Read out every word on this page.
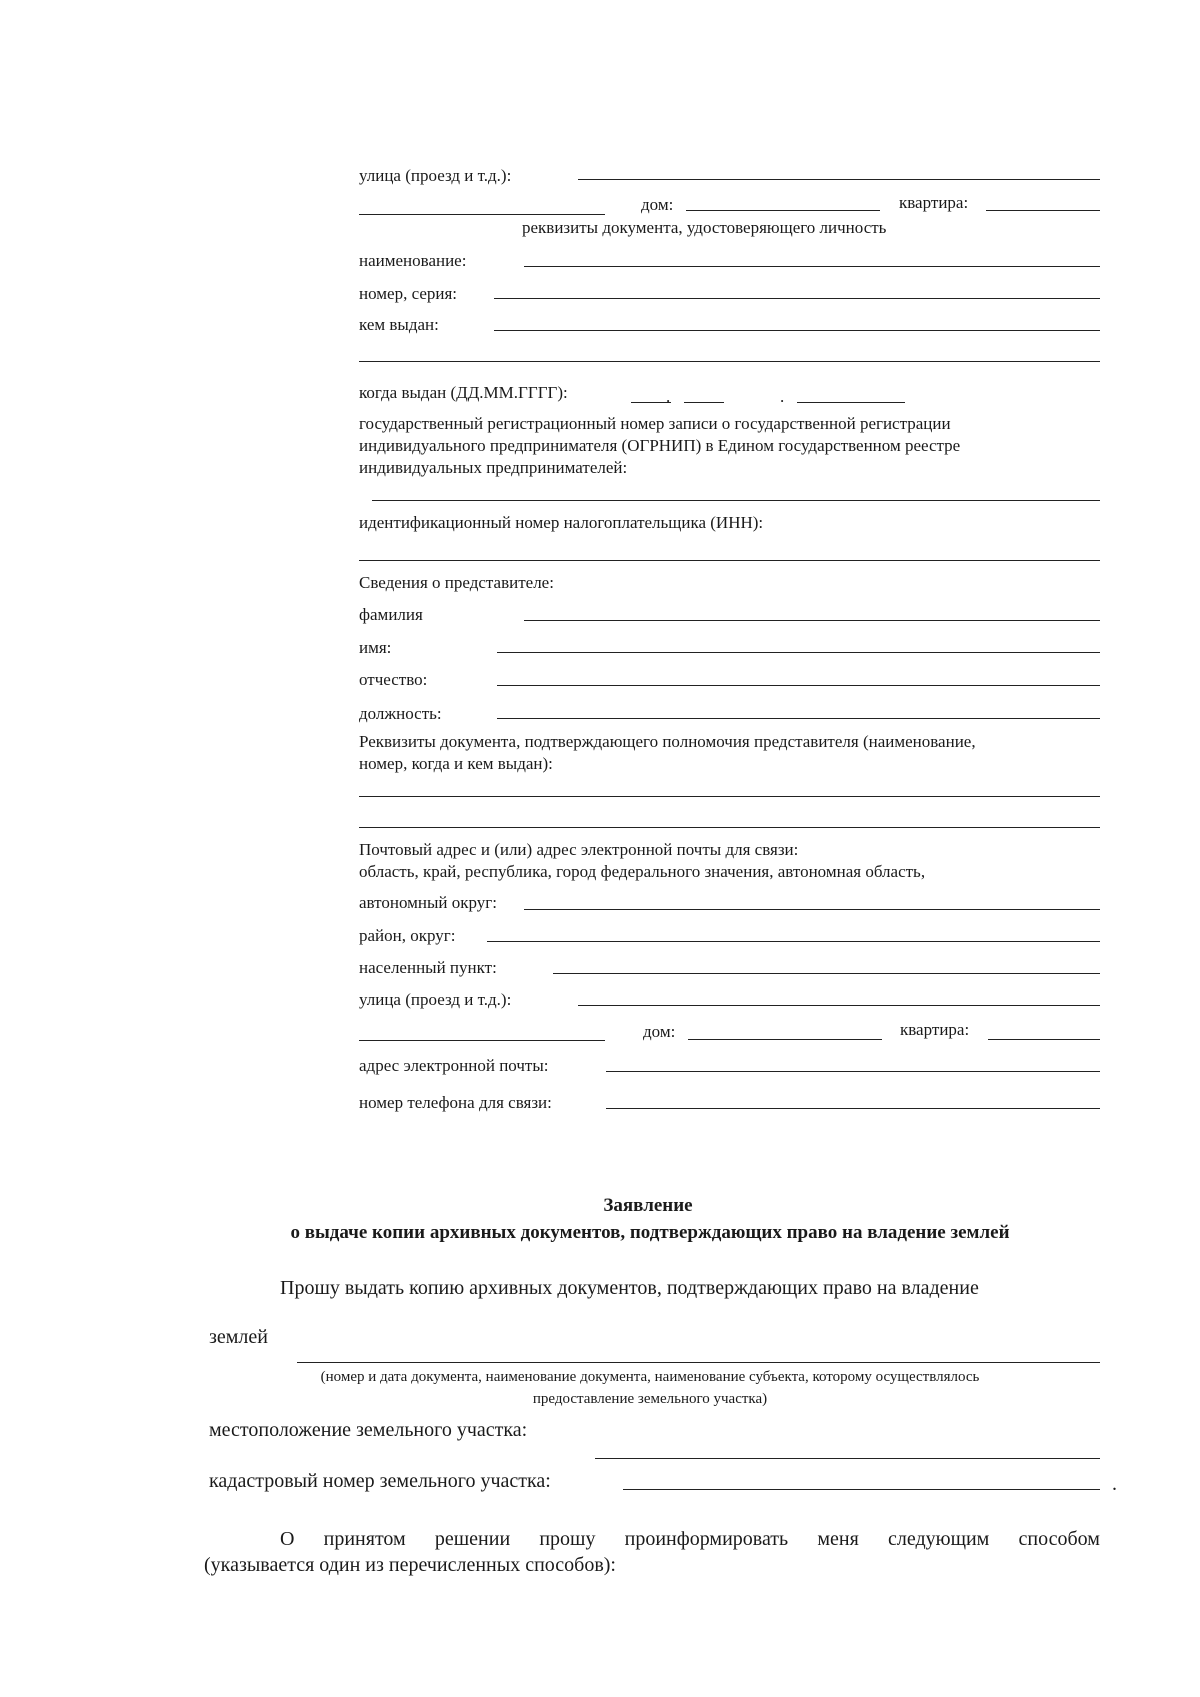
улица (проезд и т.д.):
дом:	квартира:
реквизиты документа, удостоверяющего личность
наименование:
номер, серия:
кем выдан:
когда выдан (ДД.ММ.ГГГГ):	.	.
государственный регистрационный номер записи о государственной регистрации
индивидуального предпринимателя (ОГРНИП) в Едином государственном реестре
индивидуальных предпринимателей:
идентификационный номер налогоплательщика (ИНН):
Сведения о представителе:
фамилия
имя:
отчество:
должность:
Реквизиты документа, подтверждающего полномочия представителя (наименование,
номер, когда и кем выдан):
Почтовый адрес и (или) адрес электронной почты для связи:
область, край, республика, город федерального значения, автономная область,
автономный округ:
район, округ:
населенный пункт:
улица (проезд и т.д.):
дом:	квартира:
адрес электронной почты:
номер телефона для связи:
Заявление
о выдаче копии архивных документов, подтверждающих право на владение землей
Прошу выдать копию архивных документов, подтверждающих право на владение
землей
(номер и дата документа, наименование документа, наименование субъекта, которому осуществлялось
предоставление земельного участка)
местоположение земельного участка:
кадастровый номер земельного участка:	.
О принятом решении прошу проинформировать меня следующим способом
(указывается один из перечисленных способов):
